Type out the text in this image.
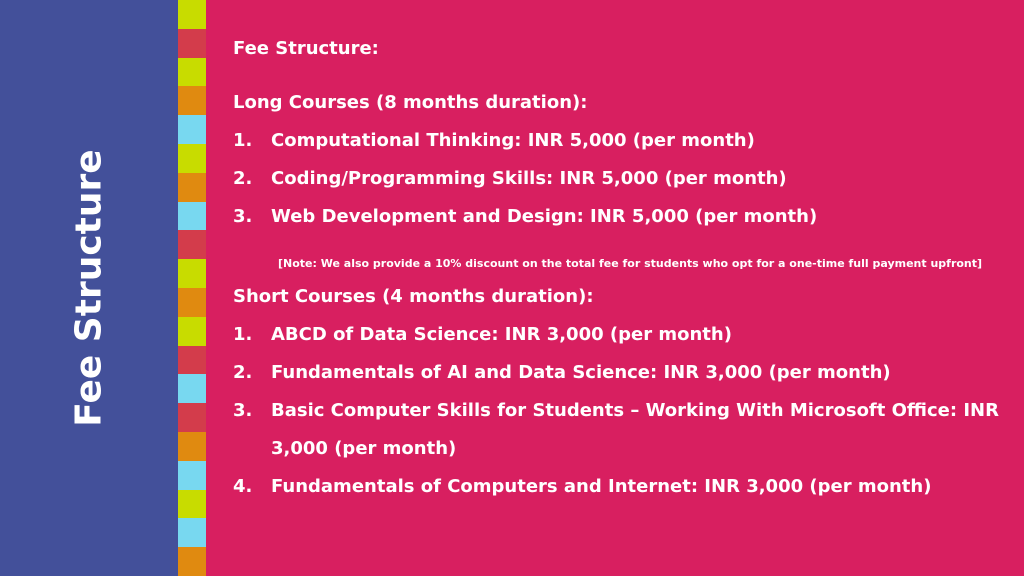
Fee Structure
Fee Structure:
Long Courses (8 months duration):
1.	Computational Thinking: INR 5,000 (per month)
2.	Coding/Programming Skills: INR 5,000 (per month)
3.	Web Development and Design: INR 5,000 (per month)
[Note: We also provide a 10% discount on the total fee for students who opt for a one-time full payment upfront]
Short Courses (4 months duration):
1.	ABCD of Data Science: INR 3,000 (per month)
2.	Fundamentals of AI and Data Science: INR 3,000 (per month)
3.	Basic Computer Skills for Students – Working With Microsoft Office: INR 3,000 (per month)
4.	Fundamentals of Computers and Internet: INR 3,000 (per month)
